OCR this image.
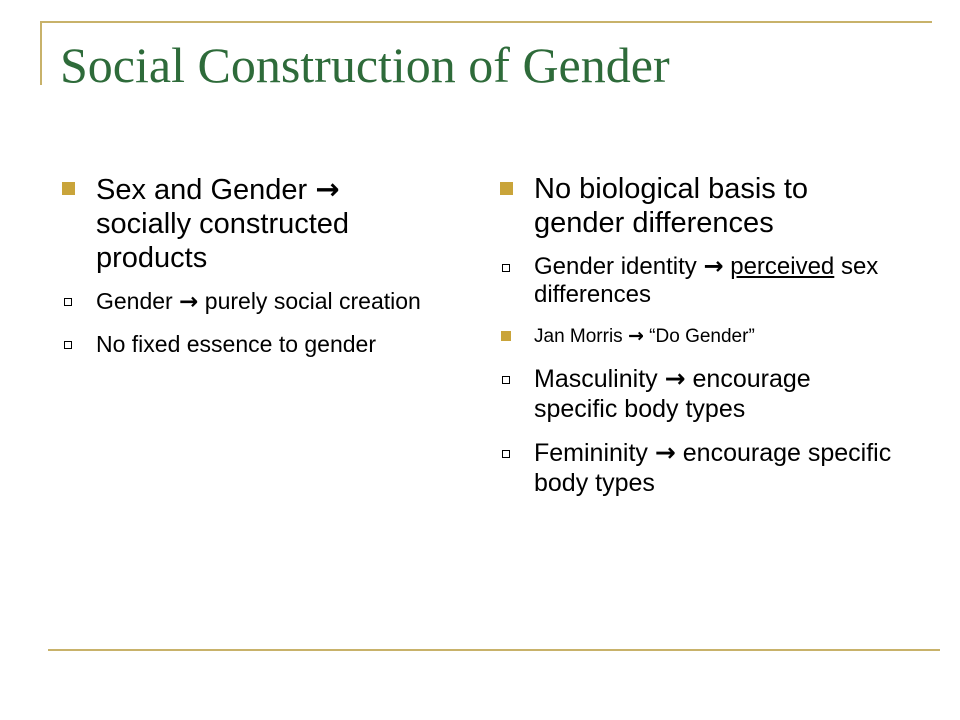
Social Construction of Gender
Sex and Gender → socially constructed products
Gender → purely social creation
No fixed essence to gender
No biological basis to gender differences
Gender identity → perceived sex differences
Jan Morris → “Do Gender”
Masculinity → encourage specific body types
Femininity → encourage specific body types
